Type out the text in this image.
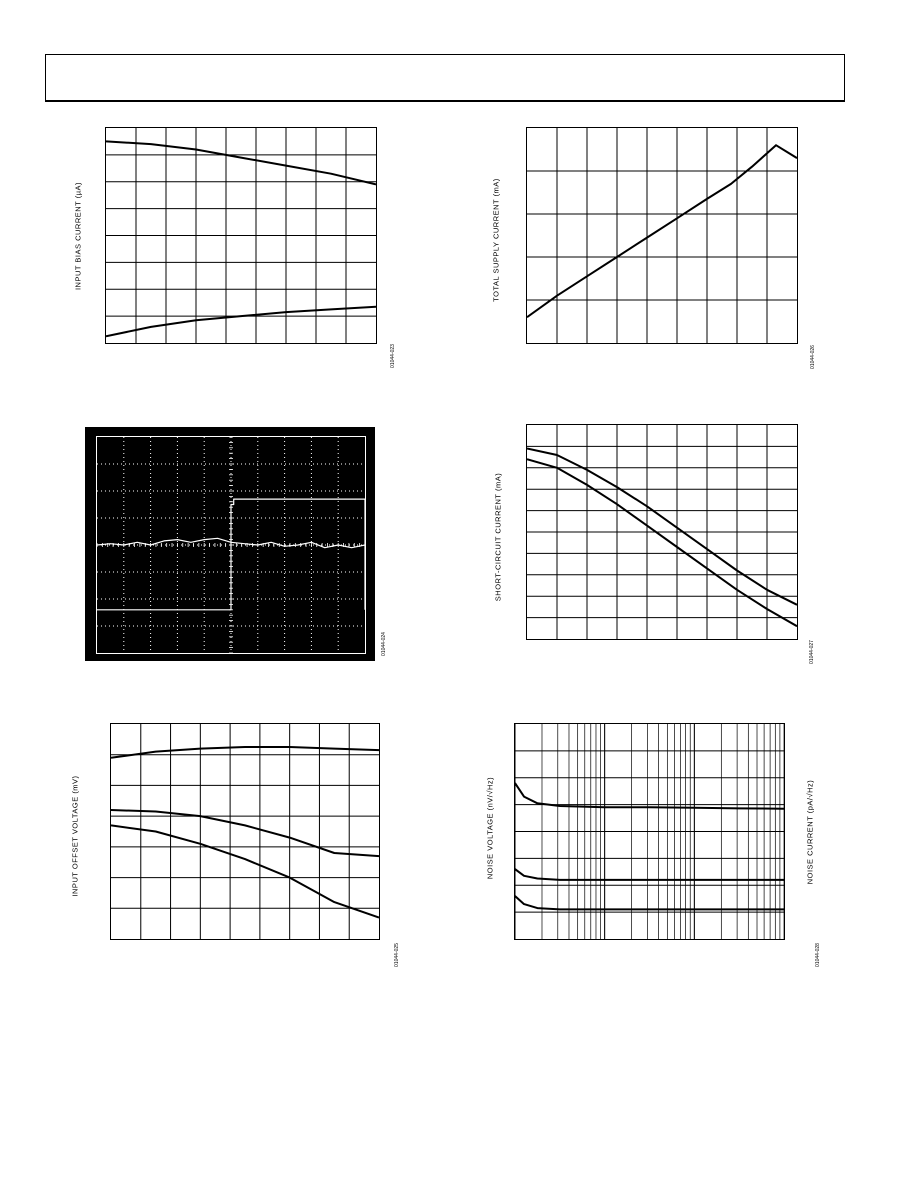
INPUT BIAS CURRENT (µA)
01044-023
TOTAL SUPPLY CURRENT (mA)
01044-026
01044-024
SHORT-CIRCUIT CURRENT (mA)
01044-027
INPUT OFFSET VOLTAGE (mV)
01044-025
NOISE VOLTAGE (nV/√Hz)	NOISE CURRENT (pA/√Hz)
01044-028
